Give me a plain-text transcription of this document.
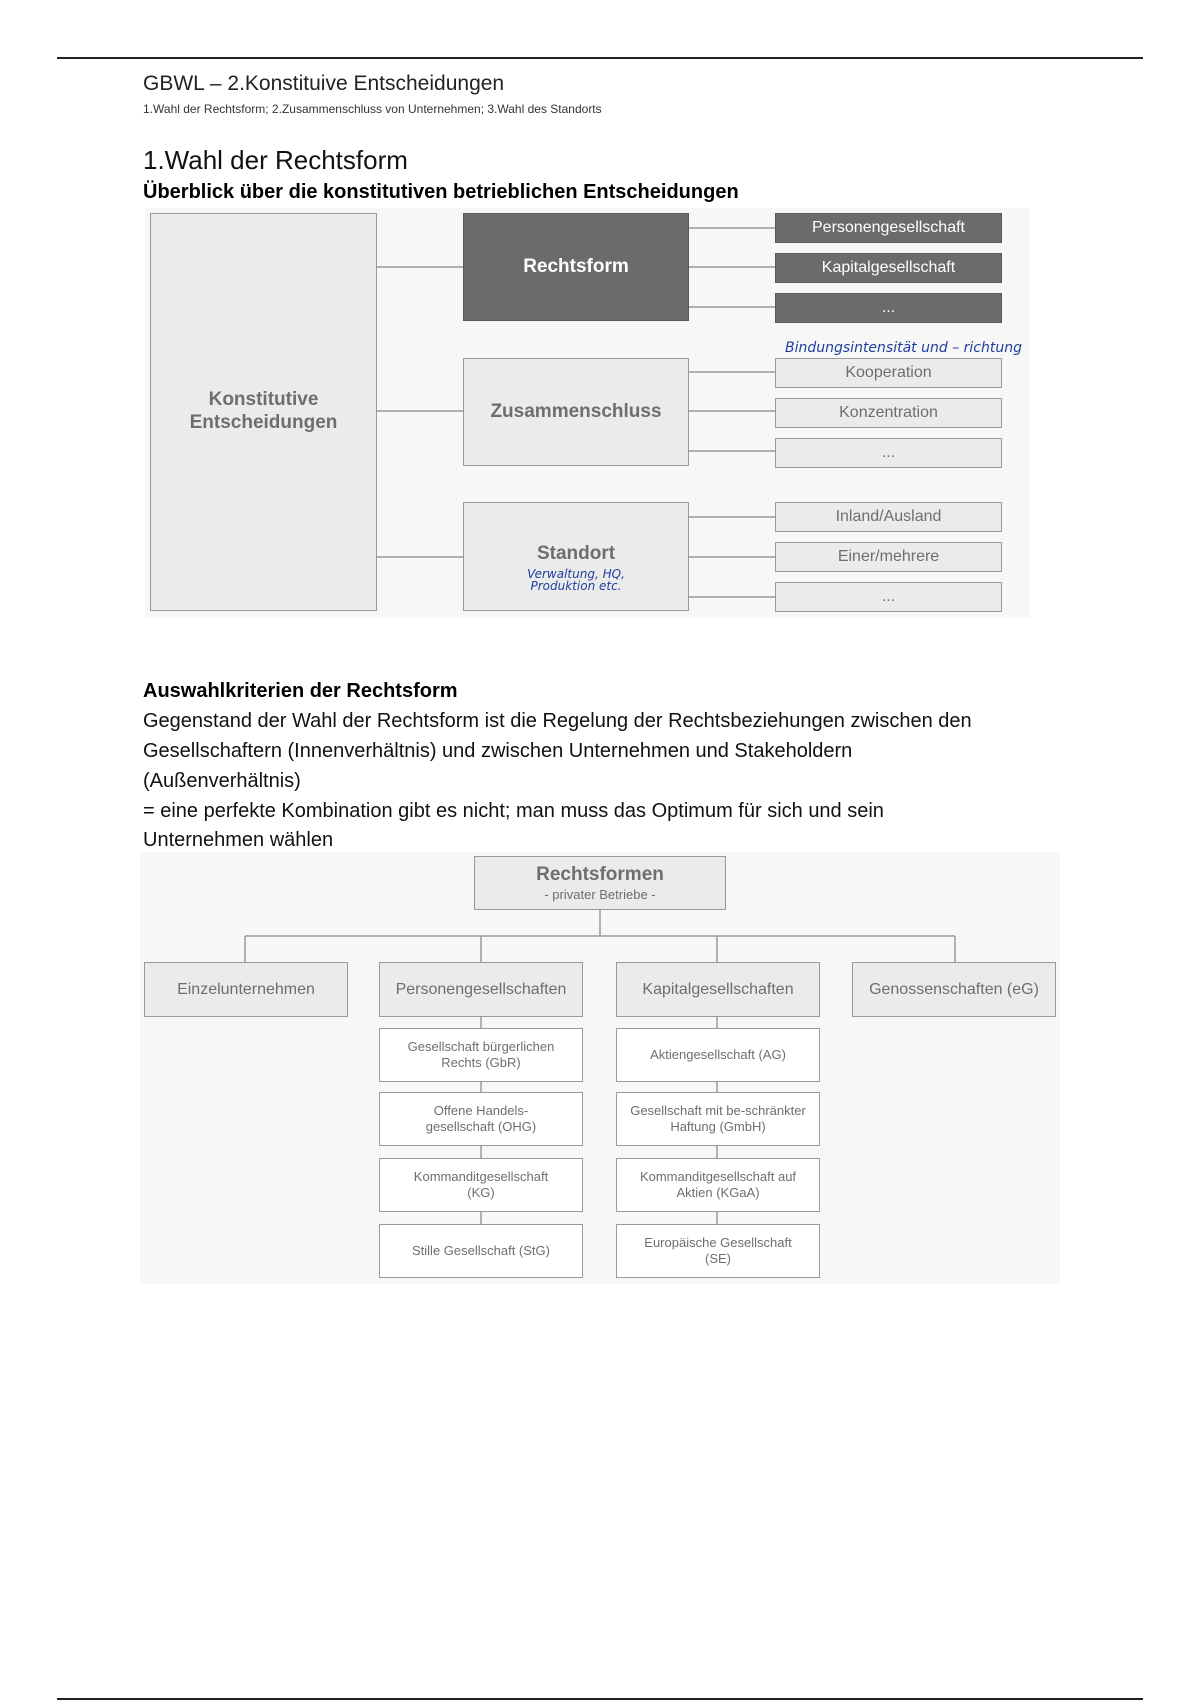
GBWL – 2.Konstituive Entscheidungen
1.Wahl der Rechtsform; 2.Zusammenschluss von Unternehmen; 3.Wahl des Standorts
1.Wahl der Rechtsform
Überblick über die konstitutiven betrieblichen Entscheidungen
Konstitutive Entscheidungen
Rechtsform
Personengesellschaft
Kapitalgesellschaft
...
Bindungsintensität und – richtung
Zusammenschluss
Kooperation
Konzentration
...
Standort
Verwaltung, HQ, Produktion etc.
Inland/Ausland
Einer/mehrere
...
Auswahlkriterien der Rechtsform
Gegenstand der Wahl der Rechtsform ist die Regelung der Rechtsbeziehungen zwischen den
Gesellschaftern (Innenverhältnis) und zwischen Unternehmen und Stakeholdern
(Außenverhältnis)
= eine perfekte Kombination gibt es nicht; man muss das Optimum für sich und sein
Unternehmen wählen
Rechtsformen
- privater Betriebe -
Einzelunternehmen	Personengesellschaften	Kapitalgesellschaften	Genossenschaften (eG)
Gesellschaft bürgerlichen Rechts (GbR)
Offene Handels-gesellschaft (OHG)
Kommanditgesellschaft (KG)
Stille Gesellschaft (StG)
Aktiengesellschaft (AG)
Gesellschaft mit be-schränkter Haftung (GmbH)
Kommanditgesellschaft auf Aktien (KGaA)
Europäische Gesellschaft (SE)
